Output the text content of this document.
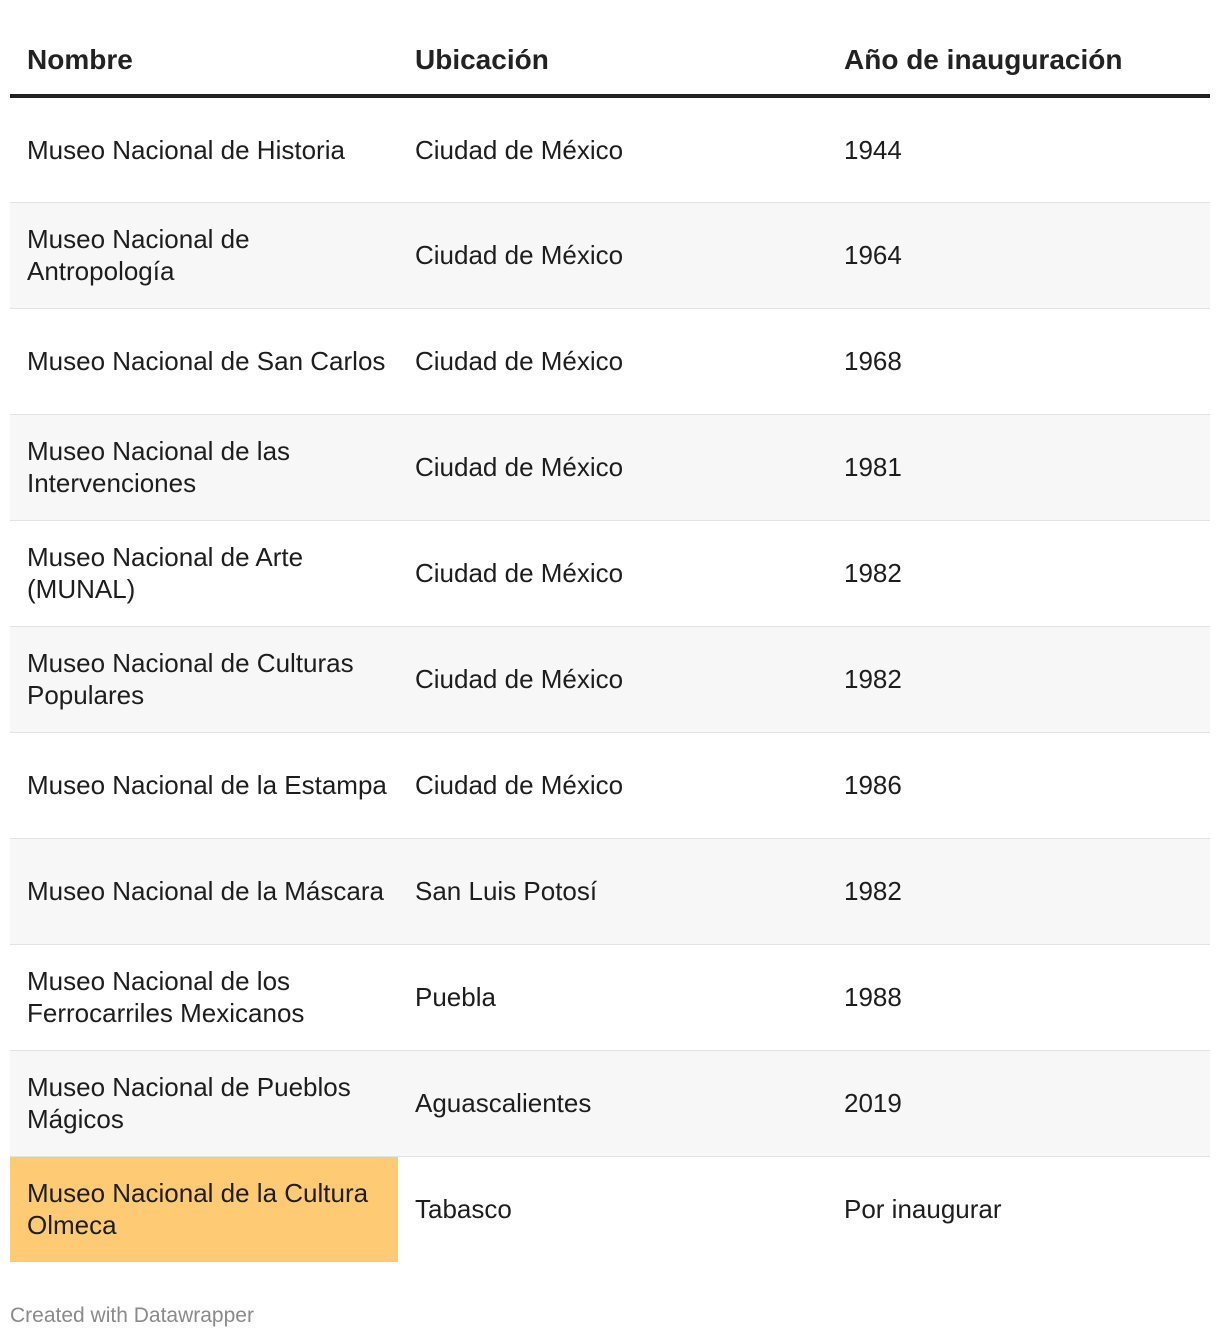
Nombre	Ubicación	Año de inauguración

Museo Nacional de Historia	Ciudad de México	1944
Museo Nacional de Antropología	Ciudad de México	1964
Museo Nacional de San Carlos	Ciudad de México	1968
Museo Nacional de las Intervenciones	Ciudad de México	1981
Museo Nacional de Arte (MUNAL)	Ciudad de México	1982
Museo Nacional de Culturas Populares	Ciudad de México	1982
Museo Nacional de la Estampa	Ciudad de México	1986
Museo Nacional de la Máscara	San Luis Potosí	1982
Museo Nacional de los Ferrocarriles Mexicanos	Puebla	1988
Museo Nacional de Pueblos Mágicos	Aguascalientes	2019
Museo Nacional de la Cultura Olmeca	Tabasco	Por inaugurar
Created with Datawrapper
